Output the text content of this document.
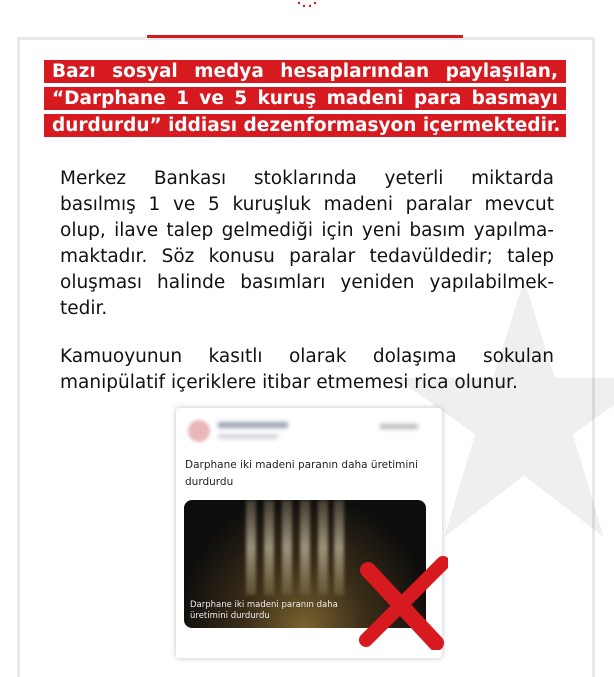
Bazı sosyal medya hesaplarından paylaşılan,
“Darphane 1 ve 5 kuruş madeni para basmayı
durdurdu” iddiası dezenformasyon içermektedir.
Merkez Bankası stoklarında yeterli miktarda
basılmış 1 ve 5 kuruşluk madeni paralar mevcut
olup, ilave talep gelmediği için yeni basım yapılma-
maktadır. Söz konusu paralar tedavüldedir; talep
oluşması halinde basımları yeniden yapılabilmek-
tedir.
Kamuoyunun kasıtlı olarak dolaşıma sokulan
manipülatif içeriklere itibar etmemesi rica olunur.
Darphane iki madeni paranın daha üretimini durdurdu
Darphane iki madeni paranın daha üretimini durdurdu
